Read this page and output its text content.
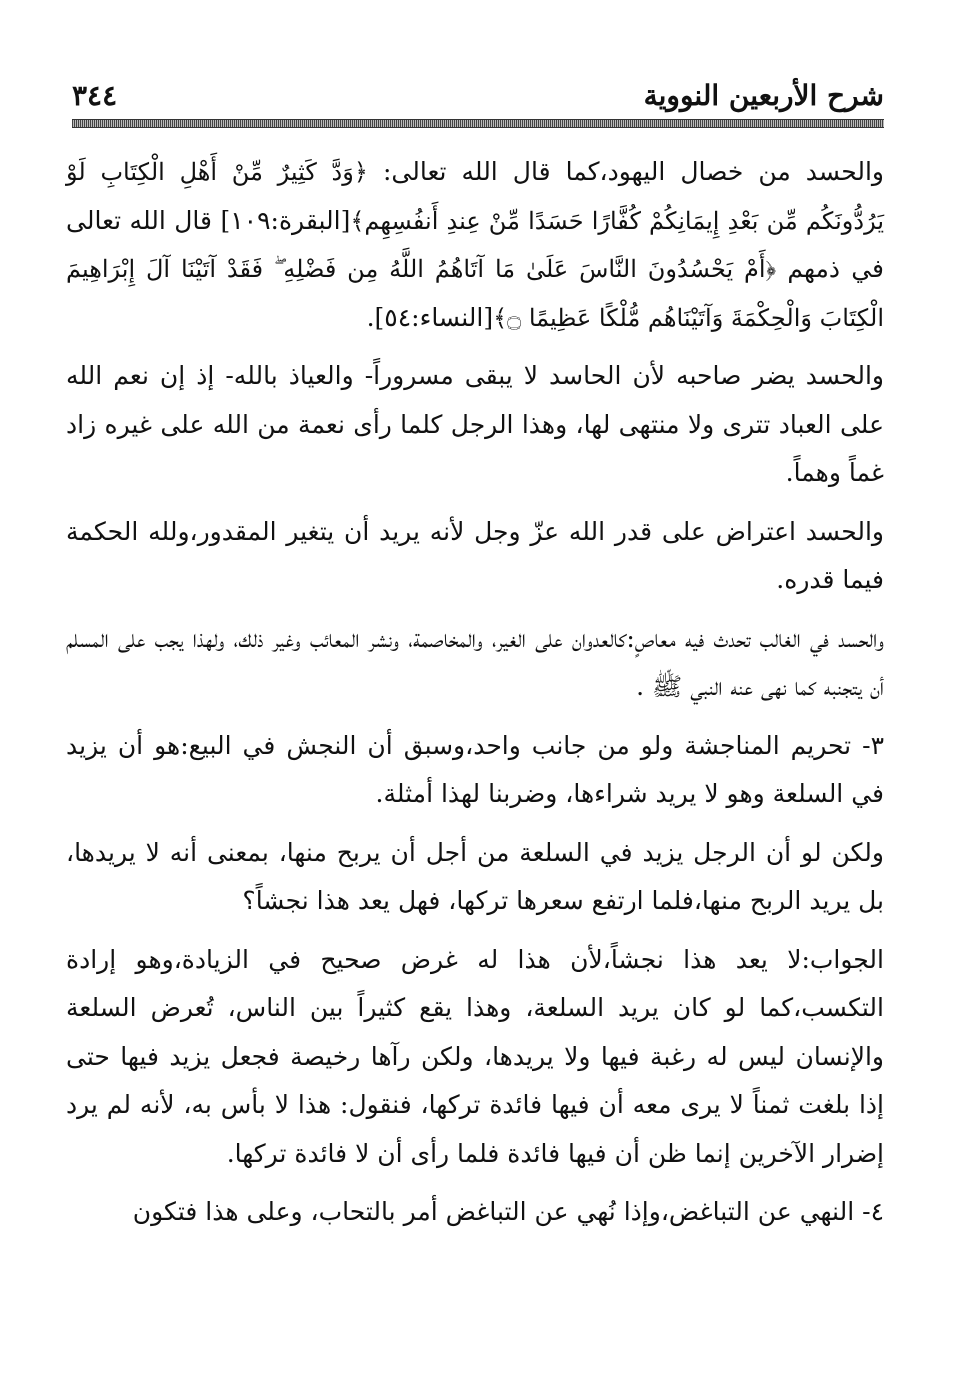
شرح الأربعين النووية
٣٤٤

والحسد من خصال اليهود،كما قال الله تعالى: ﴿وَدَّ كَثِيرٌ مِّنْ أَهْلِ الْكِتَابِ لَوْ يَرُدُّونَكُم مِّن بَعْدِ إِيمَانِكُمْ كُفَّارًا حَسَدًا مِّنْ عِندِ أَنفُسِهِم﴾[البقرة:١٠٩] قال الله تعالى في ذمهم ﴿أَمْ يَحْسُدُونَ النَّاسَ عَلَىٰ مَا آتَاهُمُ اللَّهُ مِن فَضْلِهِ ۖ فَقَدْ آتَيْنَا آلَ إِبْرَاهِيمَ الْكِتَابَ وَالْحِكْمَةَ وَآتَيْنَاهُم مُّلْكًا عَظِيمًا ۝﴾[النساء:٥٤].

والحسد يضر صاحبه لأن الحاسد لا يبقى مسروراً- والعياذ بالله- إذ إن نعم الله على العباد تترى ولا منتهى لها، وهذا الرجل كلما رأى نعمة من الله على غيره زاد غماً وهماً.

والحسد اعتراض على قدر الله عزّ وجل لأنه يريد أن يتغير المقدور،ولله الحكمة فيما قدره.

والحسد في الغالب تحدث فيه معاصٍ:كالعدوان على الغير، والمخاصمة، ونشر المعائب وغير ذلك، ولهذا يجب على المسلم أن يتجنبه كما نهى عنه النبي ﷺ .

٣- تحريم المناجشة ولو من جانب واحد،وسبق أن النجش في البيع:هو أن يزيد في السلعة وهو لا يريد شراءها، وضربنا لهذا أمثلة.

ولكن لو أن الرجل يزيد في السلعة من أجل أن يربح منها، بمعنى أنه لا يريدها، بل يريد الربح منها،فلما ارتفع سعرها تركها، فهل يعد هذا نجشاً؟

الجواب:لا يعد هذا نجشاً،لأن هذا له غرض صحيح في الزيادة،وهو إرادة التكسب،كما لو كان يريد السلعة، وهذا يقع كثيراً بين الناس، تُعرض السلعة والإنسان ليس له رغبة فيها ولا يريدها، ولكن رآها رخيصة فجعل يزيد فيها حتى إذا بلغت ثمناً لا يرى معه أن فيها فائدة تركها، فنقول: هذا لا بأس به، لأنه لم يرد إضرار الآخرين إنما ظن أن فيها فائدة فلما رأى أن لا فائدة تركها.

٤- النهي عن التباغض،وإذا نُهي عن التباغض أمر بالتحاب، وعلى هذا فتكون
